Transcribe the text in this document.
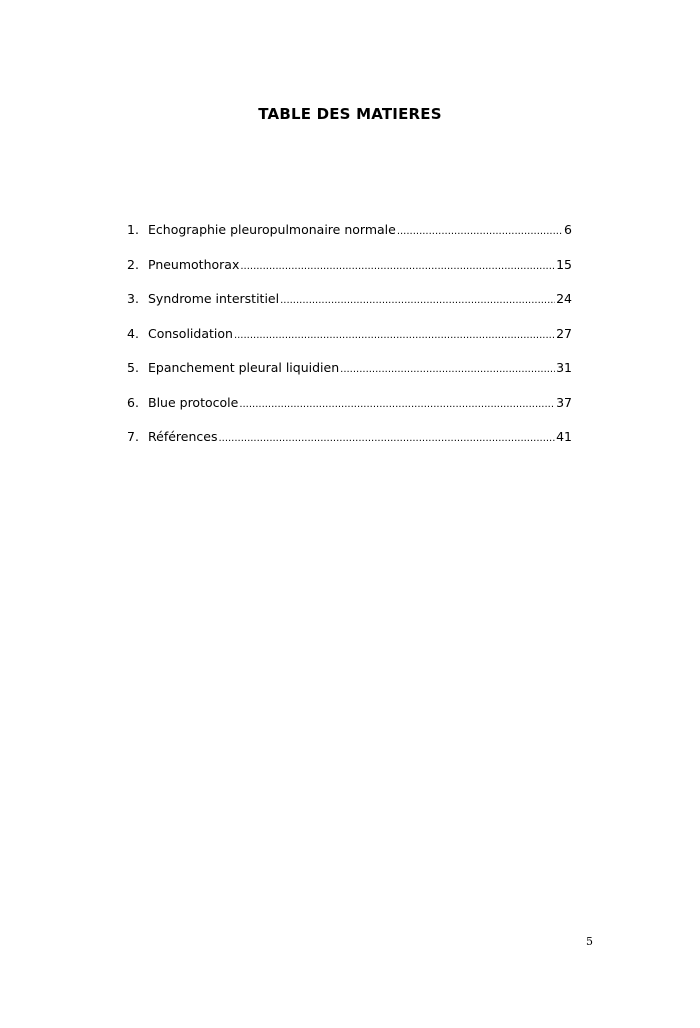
TABLE DES MATIERES
1. Echographie pleuropulmonaire normale .....	6
2. Pneumothorax .....	15
3. Syndrome interstitiel .....	24
4. Consolidation .....	27
5. Epanchement pleural liquidien .....	31
6. Blue protocole .....	37
7. Références .....	41
5
